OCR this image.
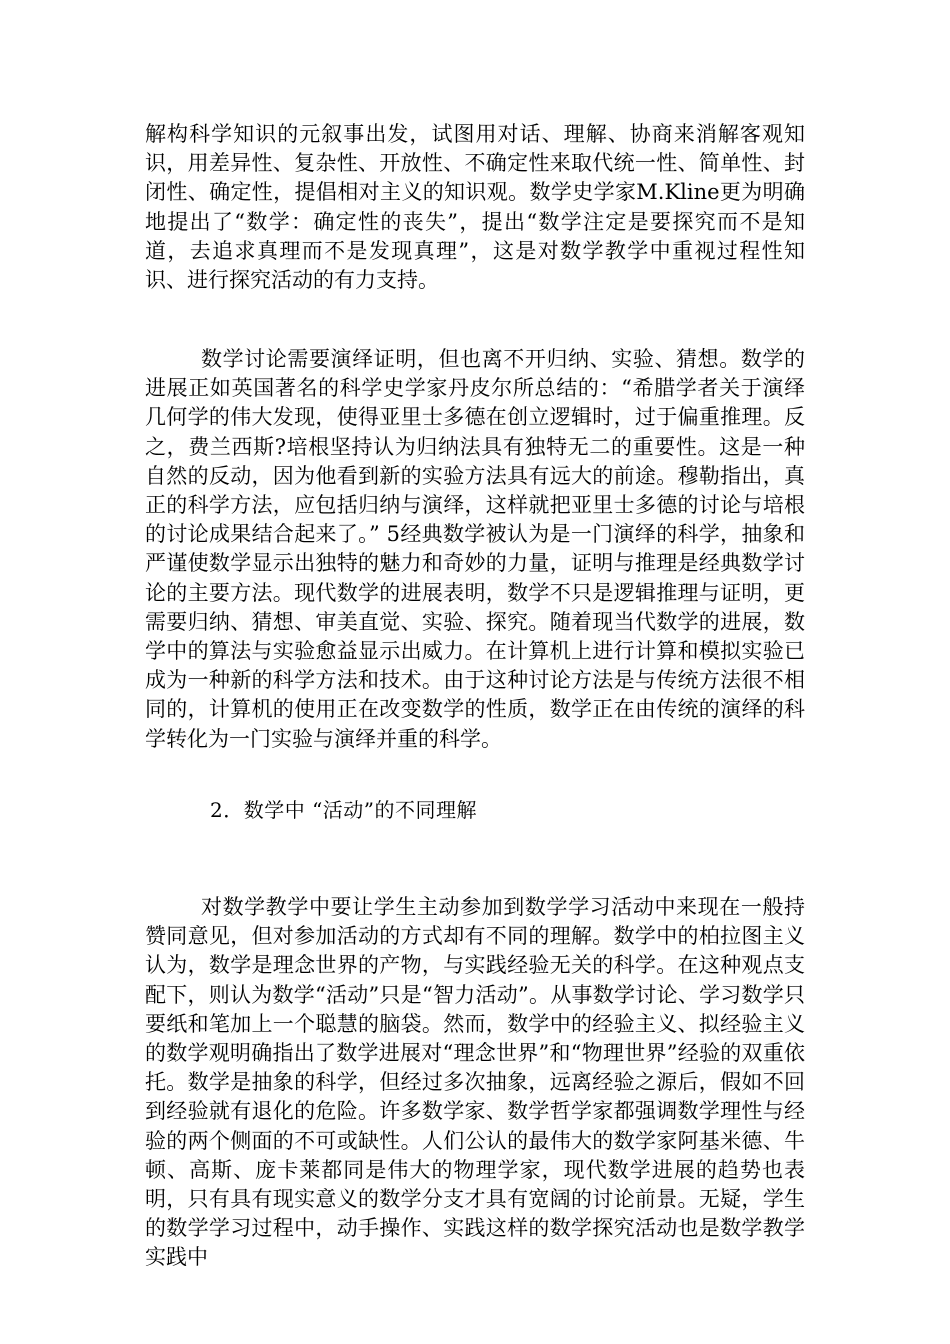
解构科学知识的元叙事出发，试图用对话、理解、协商来消解客观知识，用差异性、复杂性、开放性、不确定性来取代统一性、简单性、封闭性、确定性，提倡相对主义的知识观。数学史学家M.Kline更为明确地提出了“数学：确定性的丧失”，提出“数学注定是要探究而不是知道，去追求真理而不是发现真理”，这是对数学教学中重视过程性知识、进行探究活动的有力支持。

数学讨论需要演绎证明，但也离不开归纳、实验、猜想。数学的进展正如英国著名的科学史学家丹皮尔所总结的：“希腊学者关于演绎几何学的伟大发现，使得亚里士多德在创立逻辑时，过于偏重推理。反之，费兰西斯?培根坚持认为归纳法具有独特无二的重要性。这是一种自然的反动，因为他看到新的实验方法具有远大的前途。穆勒指出，真正的科学方法，应包括归纳与演绎，这样就把亚里士多德的讨论与培根的讨论成果结合起来了。” 5经典数学被认为是一门演绎的科学，抽象和严谨使数学显示出独特的魅力和奇妙的力量，证明与推理是经典数学讨论的主要方法。现代数学的进展表明，数学不只是逻辑推理与证明，更需要归纳、猜想、审美直觉、实验、探究。随着现当代数学的进展，数学中的算法与实验愈益显示出威力。在计算机上进行计算和模拟实验已成为一种新的科学方法和技术。由于这种讨论方法是与传统方法很不相同的，计算机的使用正在改变数学的性质，数学正在由传统的演绎的科学转化为一门实验与演绎并重的科学。

2．数学中 “活动”的不同理解

对数学教学中要让学生主动参加到数学学习活动中来现在一般持赞同意见，但对参加活动的方式却有不同的理解。数学中的柏拉图主义认为，数学是理念世界的产物，与实践经验无关的科学。在这种观点支配下，则认为数学“活动”只是“智力活动”。从事数学讨论、学习数学只要纸和笔加上一个聪慧的脑袋。然而，数学中的经验主义、拟经验主义的数学观明确指出了数学进展对“理念世界”和“物理世界”经验的双重依托。数学是抽象的科学，但经过多次抽象，远离经验之源后，假如不回到经验就有退化的危险。许多数学家、数学哲学家都强调数学理性与经验的两个侧面的不可或缺性。人们公认的最伟大的数学家阿基米德、牛顿、高斯、庞卡莱都同是伟大的物理学家，现代数学进展的趋势也表明，只有具有现实意义的数学分支才具有宽阔的讨论前景。无疑，学生的数学学习过程中，动手操作、实践这样的数学探究活动也是数学教学实践中
